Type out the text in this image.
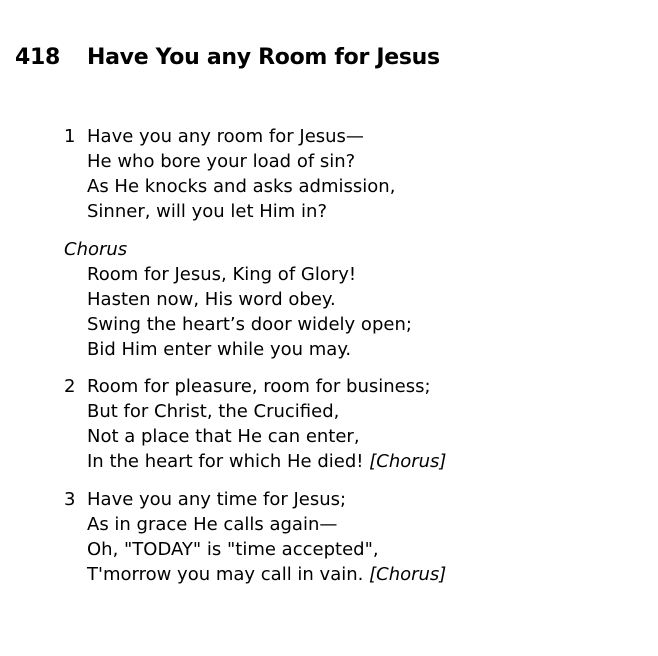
418 Have You any Room for Jesus
1 Have you any room for Jesus—
He who bore your load of sin?
As He knocks and asks admission,
Sinner, will you let Him in?
Chorus
Room for Jesus, King of Glory!
Hasten now, His word obey.
Swing the heart’s door widely open;
Bid Him enter while you may.
2 Room for pleasure, room for business;
But for Christ, the Crucified,
Not a place that He can enter,
In the heart for which He died! [Chorus]
3 Have you any time for Jesus;
As in grace He calls again—
Oh, "TODAY" is "time accepted",
T'morrow you may call in vain. [Chorus]
